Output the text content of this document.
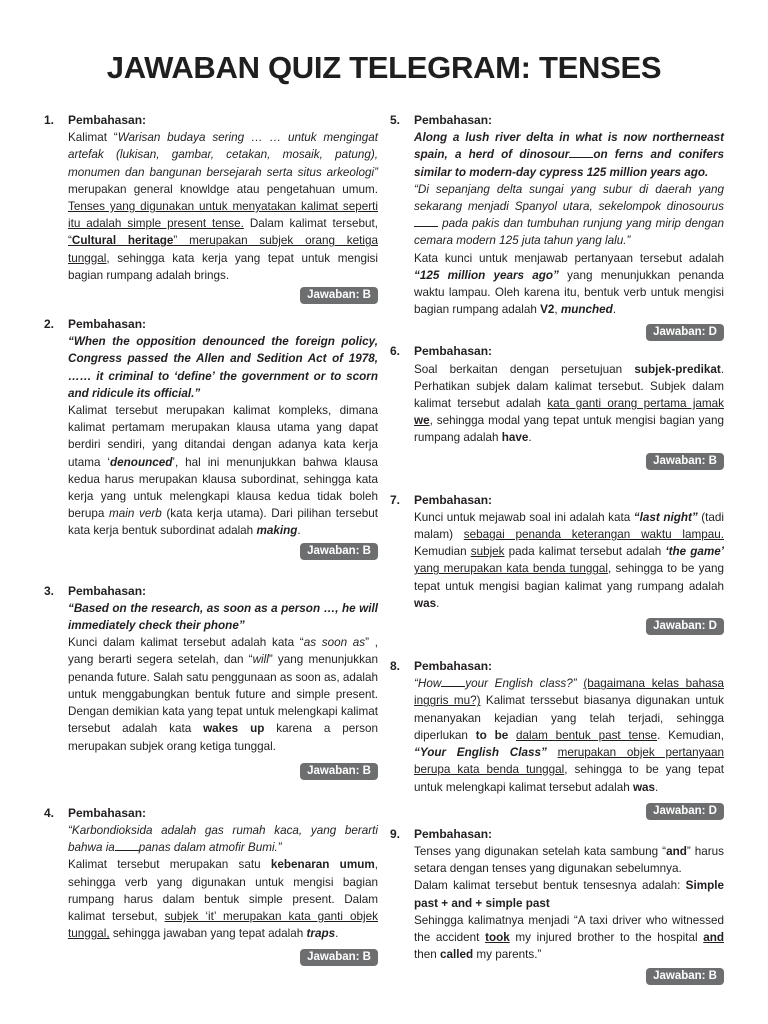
JAWABAN QUIZ TELEGRAM: TENSES
1. Pembahasan:
Kalimat “Warisan budaya sering … … untuk mengingat artefak (lukisan, gambar, cetakan, mosaik, patung), monumen dan bangunan bersejarah serta situs arkeologi” merupakan general knowldge atau pengetahuan umum. Tenses yang digunakan untuk menyatakan kalimat seperti itu adalah simple present tense. Dalam kalimat tersebut, “Cultural heritage” merupakan subjek orang ketiga tunggal, sehingga kata kerja yang tepat untuk mengisi bagian rumpang adalah brings.
Jawaban: B
2. Pembahasan:
“When the opposition denounced the foreign policy, Congress passed the Allen and Sedition Act of 1978, …… it criminal to ‘define’ the government or to scorn and ridicule its official.”
Kalimat tersebut merupakan kalimat kompleks, dimana kalimat pertamam merupakan klausa utama yang dapat berdiri sendiri, yang ditandai dengan adanya kata kerja utama ‘denounced’, hal ini menunjukkan bahwa klausa kedua harus merupakan klausa subordinat, sehingga kata kerja yang untuk melengkapi klausa kedua tidak boleh berupa main verb (kata kerja utama). Dari pilihan tersebut kata kerja bentuk subordinat adalah making.
Jawaban: B
3. Pembahasan:
“Based on the research, as soon as a person …, he will immediately check their phone”
Kunci dalam kalimat tersebut adalah kata “as soon as” , yang berarti segera setelah, dan “will” yang menunjukkan penanda future. Salah satu penggunaan as soon as, adalah untuk menggabungkan bentuk future and simple present. Dengan demikian kata yang tepat untuk melengkapi kalimat tersebut adalah kata wakes up karena a person merupakan subjek orang ketiga tunggal.
Jawaban: B
4. Pembahasan:
“Karbondioksida adalah gas rumah kaca, yang berarti bahwa ia panas dalam atmofir Bumi.”
Kalimat tersebut merupakan satu kebenaran umum, sehingga verb yang digunakan untuk mengisi bagian rumpang harus dalam bentuk simple present. Dalam kalimat tersebut, subjek ‘it’ merupakan kata ganti objek tunggal, sehingga jawaban yang tepat adalah traps.
Jawaban: B
5. Pembahasan:
Along a lush river delta in what is now northerneast spain, a herd of dinosour on ferns and conifers similar to modern-day cypress 125 million years ago.
“Di sepanjang delta sungai yang subur di daerah yang sekarang menjadi Spanyol utara, sekelompok dinosourus pada pakis dan tumbuhan runjung yang mirip dengan cemara modern 125 juta tahun yang lalu.”
Kata kunci untuk menjawab pertanyaan tersebut adalah “125 million years ago” yang menunjukkan penanda waktu lampau. Oleh karena itu, bentuk verb untuk mengisi bagian rumpang adalah V2, munched.
Jawaban: D
6. Pembahasan:
Soal berkaitan dengan persetujuan subjek-predikat. Perhatikan subjek dalam kalimat tersebut. Subjek dalam kalimat tersebut adalah kata ganti orang pertama jamak we, sehingga modal yang tepat untuk mengisi bagian yang rumpang adalah have.
Jawaban: B
7. Pembahasan:
Kunci untuk mejawab soal ini adalah kata “last night” (tadi malam) sebagai penanda keterangan waktu lampau. Kemudian subjek pada kalimat tersebut adalah ‘the game’ yang merupakan kata benda tunggal, sehingga to be yang tepat untuk mengisi bagian kalimat yang rumpang adalah was.
Jawaban: D
8. Pembahasan:
“How your English class?” (bagaimana kelas bahasa inggris mu?) Kalimat terssebut biasanya digunakan untuk menanyakan kejadian yang telah terjadi, sehingga diperlukan to be dalam bentuk past tense. Kemudian, “Your English Class” merupakan objek pertanyaan berupa kata benda tunggal, sehingga to be yang tepat untuk melengkapi kalimat tersebut adalah was.
Jawaban: D
9. Pembahasan:
Tenses yang digunakan setelah kata sambung “and” harus setara dengan tenses yang digunakan sebelumnya.
Dalam kalimat tersebut bentuk tensesnya adalah: Simple past + and + simple past
Sehingga kalimatnya menjadi “A taxi driver who witnessed the accident took my injured brother to the hospital and then called my parents.”
Jawaban: B
